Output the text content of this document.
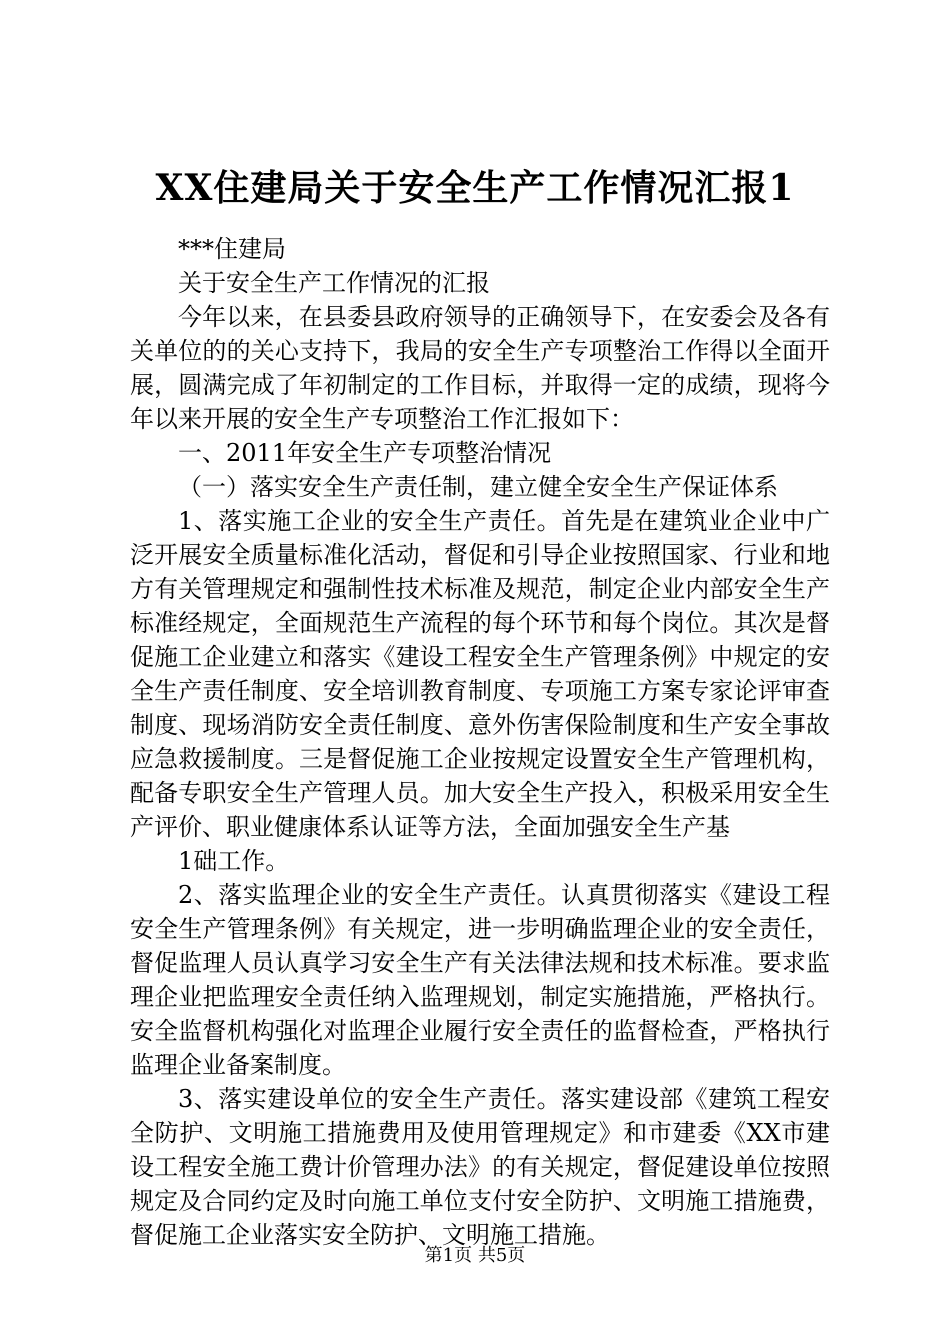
XX住建局关于安全生产工作情况汇报1

***住建局

关于安全生产工作情况的汇报

今年以来，在县委县政府领导的正确领导下，在安委会及各有关单位的的关心支持下，我局的安全生产专项整治工作得以全面开展，圆满完成了年初制定的工作目标，并取得一定的成绩，现将今年以来开展的安全生产专项整治工作汇报如下：

一、2011年安全生产专项整治情况

（一）落实安全生产责任制，建立健全安全生产保证体系

1、落实施工企业的安全生产责任。首先是在建筑业企业中广泛开展安全质量标准化活动，督促和引导企业按照国家、行业和地方有关管理规定和强制性技术标准及规范，制定企业内部安全生产标准经规定，全面规范生产流程的每个环节和每个岗位。其次是督促施工企业建立和落实《建设工程安全生产管理条例》中规定的安全生产责任制度、安全培训教育制度、专项施工方案专家论评审查制度、现场消防安全责任制度、意外伤害保险制度和生产安全事故应急救援制度。三是督促施工企业按规定设置安全生产管理机构，配备专职安全生产管理人员。加大安全生产投入，积极采用安全生产评价、职业健康体系认证等方法，全面加强安全生产基

1础工作。

2、落实监理企业的安全生产责任。认真贯彻落实《建设工程安全生产管理条例》有关规定，进一步明确监理企业的安全责任，督促监理人员认真学习安全生产有关法律法规和技术标准。要求监理企业把监理安全责任纳入监理规划，制定实施措施，严格执行。安全监督机构强化对监理企业履行安全责任的监督检查，严格执行监理企业备案制度。

3、落实建设单位的安全生产责任。落实建设部《建筑工程安全防护、文明施工措施费用及使用管理规定》和市建委《XX市建设工程安全施工费计价管理办法》的有关规定，督促建设单位按照规定及合同约定及时向施工单位支付安全防护、文明施工措施费，督促施工企业落实安全防护、文明施工措施。

第1页 共5页
